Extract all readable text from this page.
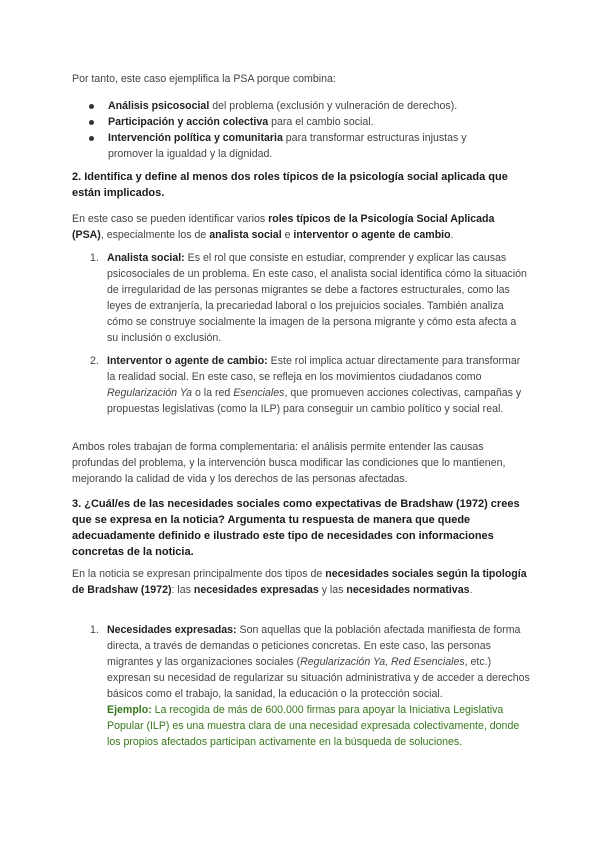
Por tanto, este caso ejemplifica la PSA porque combina:

Análisis psicosocial del problema (exclusión y vulneración de derechos).
Participación y acción colectiva para el cambio social.
Intervención política y comunitaria para transformar estructuras injustas y promover la igualdad y la dignidad.

2. Identifica y define al menos dos roles típicos de la psicología social aplicada que están implicados.

En este caso se pueden identificar varios roles típicos de la Psicología Social Aplicada (PSA), especialmente los de analista social e interventor o agente de cambio.

1. Analista social: Es el rol que consiste en estudiar, comprender y explicar las causas psicosociales de un problema. En este caso, el analista social identifica cómo la situación de irregularidad de las personas migrantes se debe a factores estructurales, como las leyes de extranjería, la precariedad laboral o los prejuicios sociales. También analiza cómo se construye socialmente la imagen de la persona migrante y cómo esta afecta a su inclusión o exclusión.

2. Interventor o agente de cambio: Este rol implica actuar directamente para transformar la realidad social. En este caso, se refleja en los movimientos ciudadanos como Regularización Ya o la red Esenciales, que promueven acciones colectivas, campañas y propuestas legislativas (como la ILP) para conseguir un cambio político y social real.

Ambos roles trabajan de forma complementaria: el análisis permite entender las causas profundas del problema, y la intervención busca modificar las condiciones que lo mantienen, mejorando la calidad de vida y los derechos de las personas afectadas.

3. ¿Cuál/es de las necesidades sociales como expectativas de Bradshaw (1972) crees que se expresa en la noticia? Argumenta tu respuesta de manera que quede adecuadamente definido e ilustrado este tipo de necesidades con informaciones concretas de la noticia.

En la noticia se expresan principalmente dos tipos de necesidades sociales según la tipología de Bradshaw (1972): las necesidades expresadas y las necesidades normativas.

1. Necesidades expresadas: Son aquellas que la población afectada manifiesta de forma directa, a través de demandas o peticiones concretas. En este caso, las personas migrantes y las organizaciones sociales (Regularización Ya, Red Esenciales, etc.) expresan su necesidad de regularizar su situación administrativa y de acceder a derechos básicos como el trabajo, la sanidad, la educación o la protección social.

Ejemplo: La recogida de más de 600.000 firmas para apoyar la Iniciativa Legislativa Popular (ILP) es una muestra clara de una necesidad expresada colectivamente, donde los propios afectados participan activamente en la búsqueda de soluciones.
